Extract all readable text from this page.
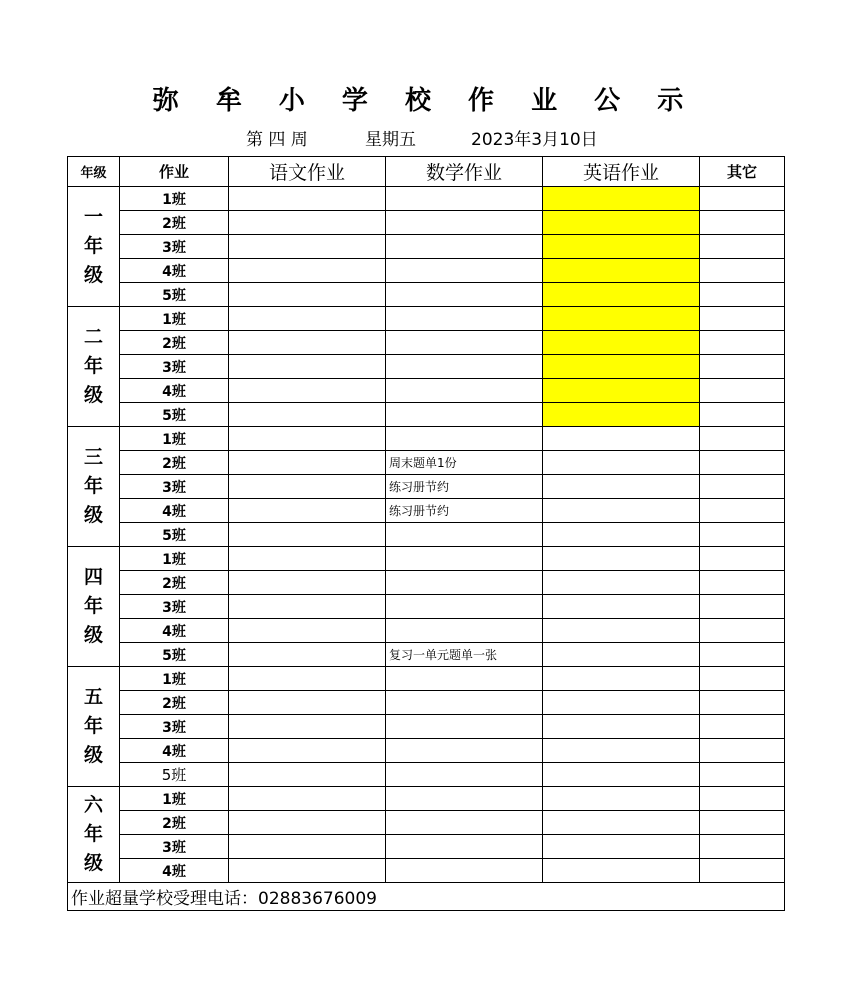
弥 牟 小 学 校 作 业 公 示
第 四 周	星期五	2023年3月10日
年级	作业	语文作业	数学作业	英语作业	其它

一
年
级	1班				
	2班				
	3班				
	4班				
	5班				

二
年
级	1班				
	2班				
	3班				
	4班				
	5班				

三
年
级	1班				
	2班		周末题单1份		
	3班		练习册节约		
	4班		练习册节约		
	5班				

四
年
级	1班				
	2班				
	3班				
	4班				
	5班		复习一单元题单一张		

五
年
级	1班				
	2班				
	3班				
	4班				
	5班				

六
年
级	1班				
	2班				
	3班				
	4班				
作业超量学校受理电话：02883676009					
